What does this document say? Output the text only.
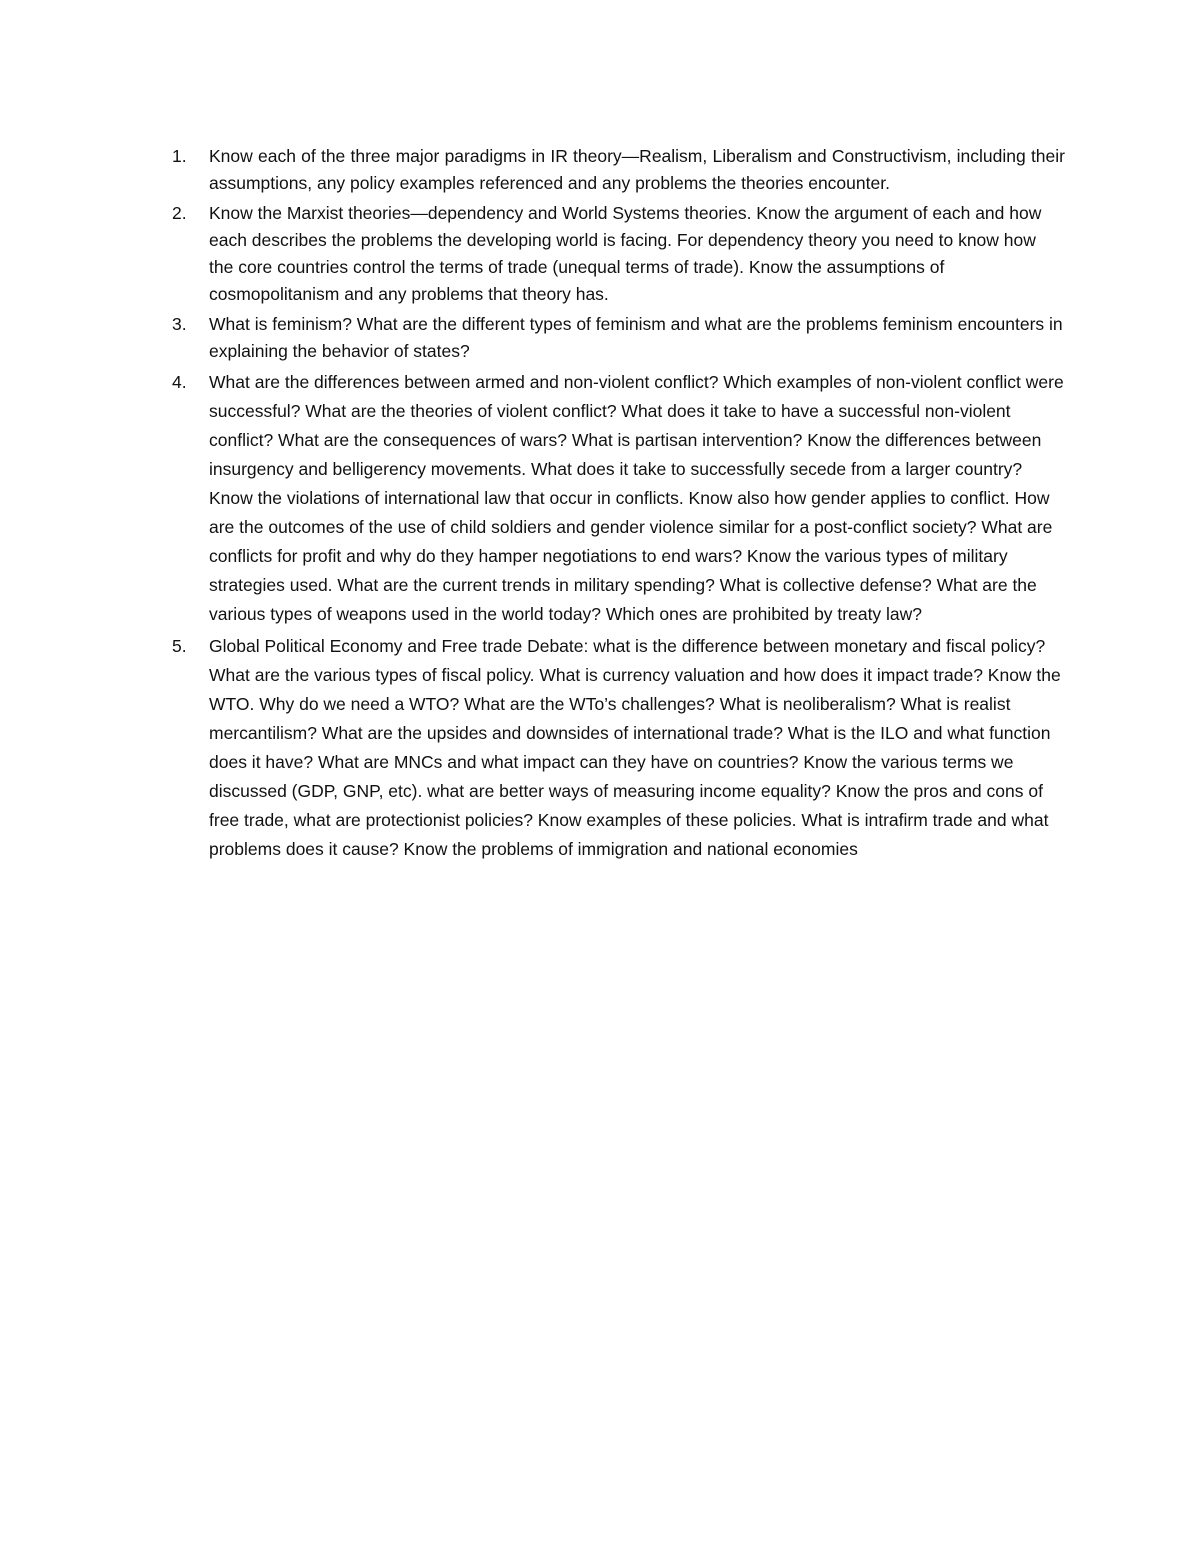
1.	Know each of the three major paradigms in IR theory—Realism, Liberalism and Constructivism, including their assumptions, any policy examples referenced and any problems the theories encounter.
2.	Know the Marxist theories—dependency and World Systems theories. Know the argument of each and how each describes the problems the developing world is facing. For dependency theory you need to know how the core countries control the terms of trade (unequal terms of trade). Know the assumptions of cosmopolitanism and any problems that theory has.
3.	What is feminism? What are the different types of feminism and what are the problems feminism encounters in explaining the behavior of states?
4.	What are the differences between armed and non-violent conflict? Which examples of non-violent conflict were successful? What are the theories of violent conflict? What does it take to have a successful non-violent conflict? What are the consequences of wars? What is partisan intervention? Know the differences between insurgency and belligerency movements. What does it take to successfully secede from a larger country? Know the violations of international law that occur in conflicts. Know also how gender applies to conflict. How are the outcomes of the use of child soldiers and gender violence similar for a post-conflict society? What are conflicts for profit and why do they hamper negotiations to end wars? Know the various types of military strategies used. What are the current trends in military spending? What is collective defense? What are the various types of weapons used in the world today? Which ones are prohibited by treaty law?
5.	Global Political Economy and Free trade Debate: what is the difference between monetary and fiscal policy? What are the various types of fiscal policy. What is currency valuation and how does it impact trade? Know the WTO. Why do we need a WTO? What are the WTo’s challenges? What is neoliberalism? What is realist mercantilism? What are the upsides and downsides of international trade? What is the ILO and what function does it have? What are MNCs and what impact can they have on countries? Know the various terms we discussed (GDP, GNP, etc). what are better ways of measuring income equality? Know the pros and cons of free trade, what are protectionist policies? Know examples of these policies. What is intrafirm trade and what problems does it cause? Know the problems of immigration and national economies
